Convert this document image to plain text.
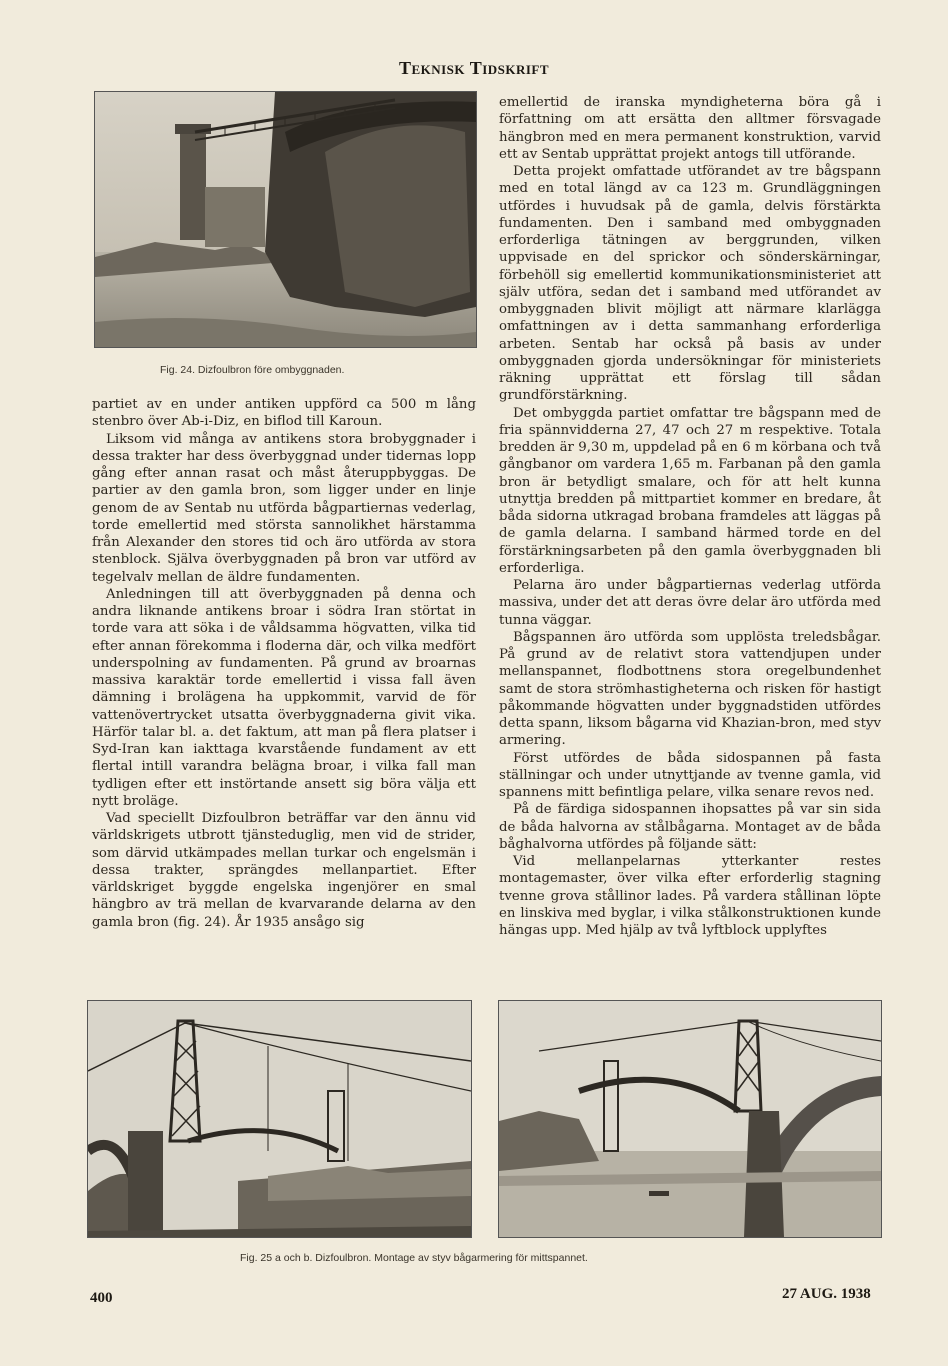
Teknisk Tidskrift
Fig. 24. Dizfoulbron före ombyggnaden.

partiet av en under antiken uppförd ca 500 m lång stenbro över Ab-i-Diz, en biflod till Karoun.

Liksom vid många av antikens stora brobyggnader i dessa trakter har dess överbyggnad under tidernas lopp gång efter annan rasat och måst återuppbyggas. De partier av den gamla bron, som ligger under en linje genom de av Sentab nu utförda bågpartiernas vederlag, torde emellertid med största sannolikhet härstamma från Alexander den stores tid och äro utförda av stora stenblock. Själva överbyggnaden på bron var utförd av tegelvalv mellan de äldre fundamenten.

Anledningen till att överbyggnaden på denna och andra liknande antikens broar i södra Iran störtat in torde vara att söka i de våldsamma högvatten, vilka tid efter annan förekomma i floderna där, och vilka medfört underspolning av fundamenten. På grund av broarnas massiva karaktär torde emellertid i vissa fall även dämning i brolägena ha uppkommit, varvid de för vattenövertrycket utsatta överbyggnaderna givit vika. Härför talar bl. a. det faktum, att man på flera platser i Syd-Iran kan iakttaga kvarstående fundament av ett flertal intill varandra belägna broar, i vilka fall man tydligen efter ett instörtande ansett sig böra välja ett nytt broläge.

Vad speciellt Dizfoulbron beträffar var den ännu vid världskrigets utbrott tjänsteduglig, men vid de strider, som därvid utkämpades mellan turkar och engelsmän i dessa trakter, sprängdes mellanpartiet. Efter världskriget byggde engelska ingenjörer en smal hängbro av trä mellan de kvarvarande delarna av den gamla bron (fig. 24). År 1935 ansågo sig

emellertid de iranska myndigheterna böra gå i författning om att ersätta den alltmer försvagade hängbron med en mera permanent konstruktion, varvid ett av Sentab upprättat projekt antogs till utförande.

Detta projekt omfattade utförandet av tre bågspann med en total längd av ca 123 m. Grundläggningen utfördes i huvudsak på de gamla, delvis förstärkta fundamenten. Den i samband med ombyggnaden erforderliga tätningen av berggrunden, vilken uppvisade en del sprickor och sönderskärningar, förbehöll sig emellertid kommunikationsministeriet att själv utföra, sedan det i samband med utförandet av ombyggnaden blivit möjligt att närmare klarlägga omfattningen av i detta sammanhang erforderliga arbeten. Sentab har också på basis av under ombyggnaden gjorda undersökningar för ministeriets räkning upprättat ett förslag till sådan grundförstärkning.

Det ombyggda partiet omfattar tre bågspann med de fria spännvidderna 27, 47 och 27 m respektive. Totala bredden är 9,30 m, uppdelad på en 6 m körbana och två gångbanor om vardera 1,65 m. Farbanan på den gamla bron är betydligt smalare, och för att helt kunna utnyttja bredden på mittpartiet kommer en bredare, åt båda sidorna utkragad brobana framdeles att läggas på de gamla delarna. I samband härmed torde en del förstärkningsarbeten på den gamla överbyggnaden bli erforderliga.

Pelarna äro under bågpartiernas vederlag utförda massiva, under det att deras övre delar äro utförda med tunna väggar.

Bågspannen äro utförda som upplösta treledsbågar. På grund av de relativt stora vattendjupen under mellanspannet, flodbottnens stora oregelbundenhet samt de stora strömhastigheterna och risken för hastigt påkommande högvatten under byggnadstiden utfördes detta spann, liksom bågarna vid Khazian-bron, med styv armering.

Först utfördes de båda sidospannen på fasta ställningar och under utnyttjande av tvenne gamla, vid spannens mitt befintliga pelare, vilka senare revos ned.

På de färdiga sidospannen ihopsattes på var sin sida de båda halvorna av stålbågarna. Montaget av de båda båghalvorna utfördes på följande sätt:

Vid mellanpelarnas ytterkanter restes montagemaster, över vilka efter erforderlig stagning tvenne grova stållinor lades. På vardera stållinan löpte en linskiva med byglar, i vilka stålkonstruktionen kunde hängas upp. Med hjälp av två lyftblock upplyftes

Fig. 25 a och b. Dizfoulbron. Montage av styv bågarmering för mittspannet.
400	27 AUG. 1938
